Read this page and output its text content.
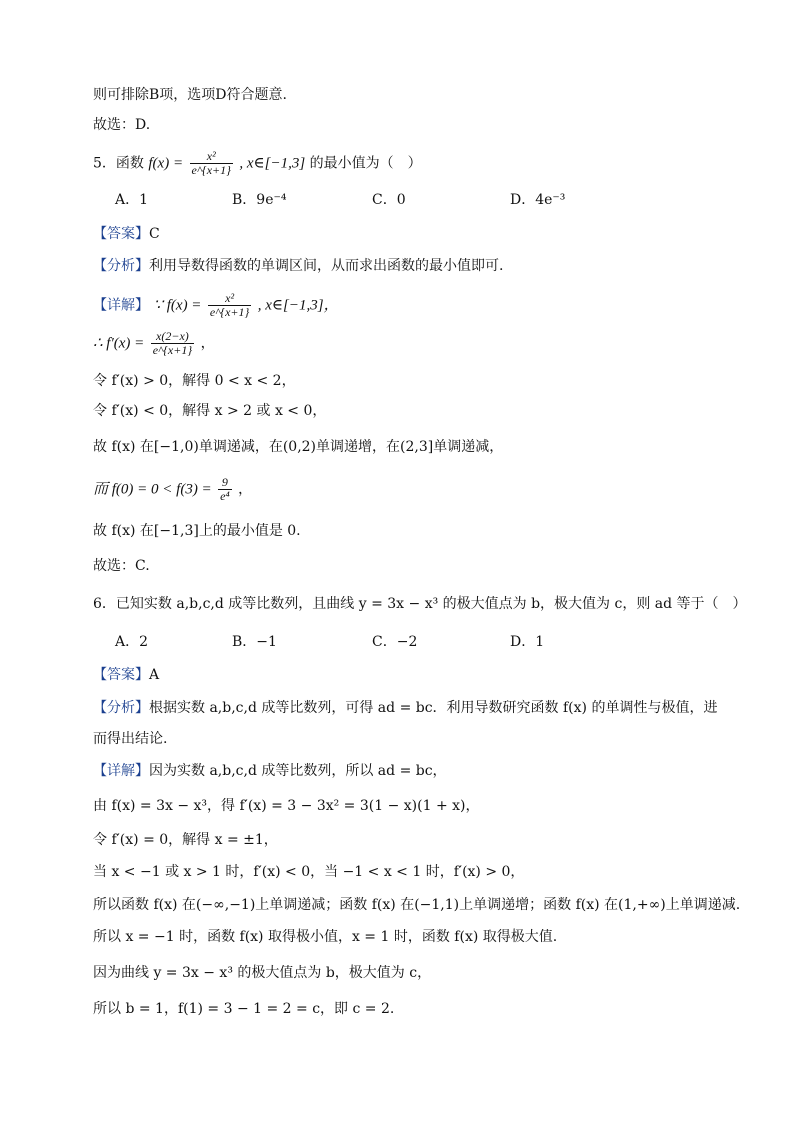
则可排除B项，选项D符合题意.
故选：D.
5．函数 $f(x) = \frac{\text{x²}}{e\^{}\{x+1\}}$ , x∈[−1,3] 的最小值为（　）
A．1	B．9e⁻⁴	C．0	D．4e⁻³
【答案】C
【分析】利用导数得函数的单调区间，从而求出函数的最小值即可.
【详解】 ∵ $f(x) = \frac{\text{x²}}{e\^{}\{x+1\}}$ , x∈[−1,3]，
∴ $f'(x) = \frac{x(2-x)}{e\^{}\{x+1\}}$ ，
令 f′(x) > 0，解得 0 < x < 2，
令 f′(x) < 0，解得 x > 2 或 x < 0，
故 f(x) 在[−1,0)单调递减，在(0,2)单调递增，在(2,3]单调递减，
而 $f(0) = 0 < f(3) = \frac{9}{\text{e⁴}}$ ，
故 f(x) 在[−1,3]上的最小值是 0.
故选：C.
6．已知实数 a,b,c,d 成等比数列，且曲线 y = 3x − x³ 的极大值点为 b，极大值为 c，则 ad 等于（　）
A．2	B．−1	C．−2	D．1
【答案】A
【分析】根据实数 a,b,c,d 成等比数列，可得 ad = bc．利用导数研究函数 f(x) 的单调性与极值，进
而得出结论.
【详解】因为实数 a,b,c,d 成等比数列，所以 ad = bc，
由 f(x) = 3x − x³，得 f′(x) = 3 − 3x² = 3(1 − x)(1 + x)，
令 f′(x) = 0，解得 x = ±1，
当 x < −1 或 x > 1 时，f′(x) < 0，当 −1 < x < 1 时，f′(x) > 0，
所以函数 f(x) 在(−∞,−1)上单调递减；函数 f(x) 在(−1,1)上单调递增；函数 f(x) 在(1,+∞)上单调递减.
所以 x = −1 时，函数 f(x) 取得极小值，x = 1 时，函数 f(x) 取得极大值.
因为曲线 y = 3x − x³ 的极大值点为 b，极大值为 c，
所以 b = 1，f(1) = 3 − 1 = 2 = c，即 c = 2.
